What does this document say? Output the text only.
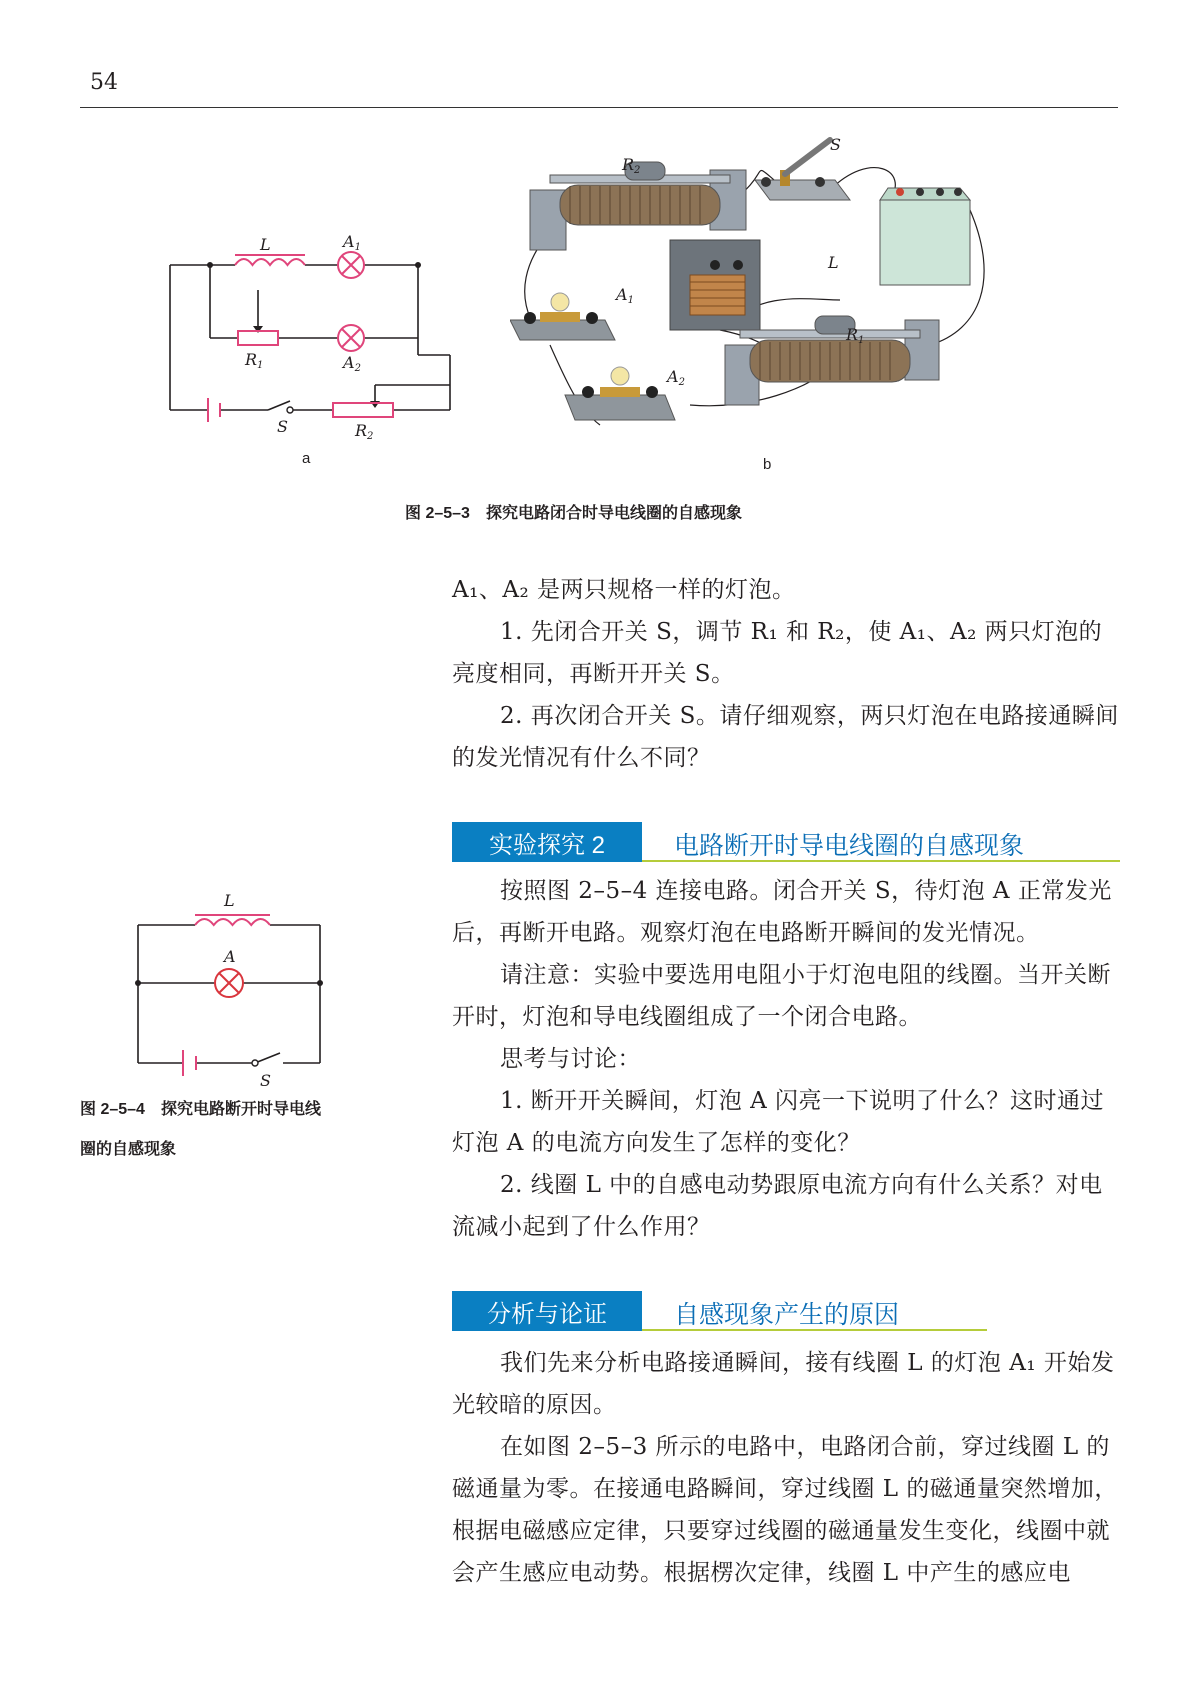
54
L	A1
R1	A2
S	R2
a
R2
S
L
A1
R1
A2
b
图 2–5–3　探究电路闭合时导电线圈的自感现象

A₁、A₂ 是两只规格一样的灯泡。

1. 先闭合开关 S，调节 R₁ 和 R₂，使 A₁、A₂ 两只灯泡的亮度相同，再断开开关 S。

2. 再次闭合开关 S。请仔细观察，两只灯泡在电路接通瞬间的发光情况有什么不同？

实验探究 2	电路断开时导电线圈的自感现象
L
A
S
图 2–5–4　探究电路断开时导电线
圈的自感现象

按照图 2–5–4 连接电路。闭合开关 S，待灯泡 A 正常发光后，再断开电路。观察灯泡在电路断开瞬间的发光情况。

请注意：实验中要选用电阻小于灯泡电阻的线圈。当开关断开时，灯泡和导电线圈组成了一个闭合电路。

思考与讨论：

1. 断开开关瞬间，灯泡 A 闪亮一下说明了什么？这时通过灯泡 A 的电流方向发生了怎样的变化？

2. 线圈 L 中的自感电动势跟原电流方向有什么关系？对电流减小起到了什么作用？

分析与论证	自感现象产生的原因

我们先来分析电路接通瞬间，接有线圈 L 的灯泡 A₁ 开始发光较暗的原因。

在如图 2–5–3 所示的电路中，电路闭合前，穿过线圈 L 的磁通量为零。在接通电路瞬间，穿过线圈 L 的磁通量突然增加，根据电磁感应定律，只要穿过线圈的磁通量发生变化，线圈中就会产生感应电动势。根据楞次定律，线圈 L 中产生的感应电
